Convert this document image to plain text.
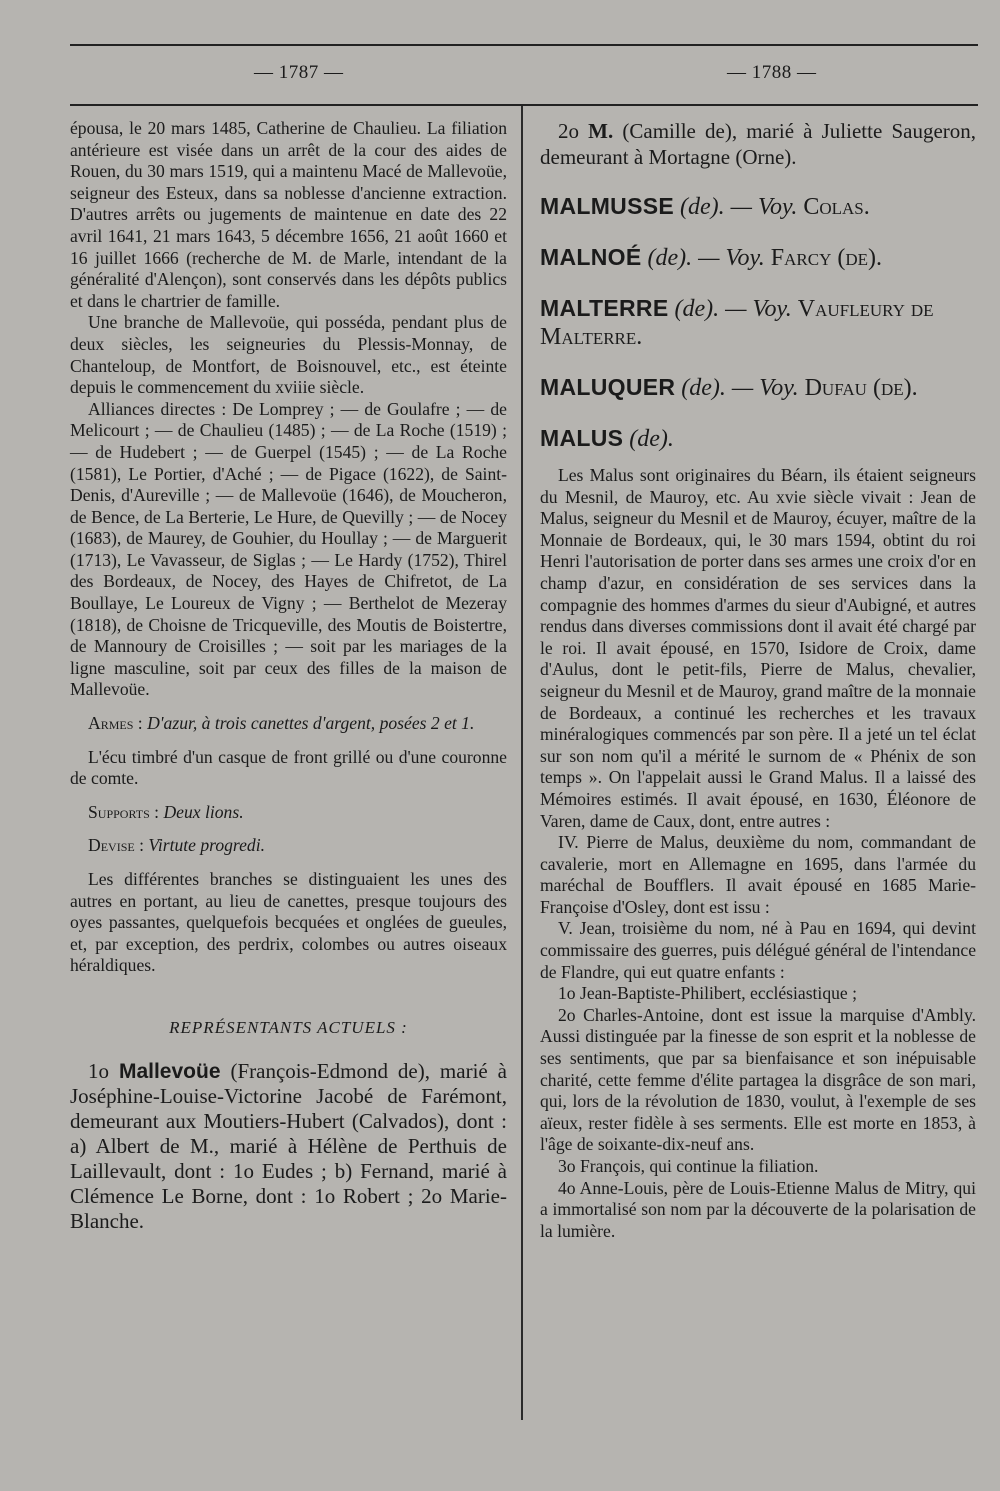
— 1787 —	— 1788 —

épousa, le 20 mars 1485, Catherine de Chaulieu. La filiation antérieure est visée dans un arrêt de la cour des aides de Rouen, du 30 mars 1519, qui a maintenu Macé de Mallevoüe, seigneur des Esteux, dans sa noblesse d'ancienne extraction. D'autres arrêts ou jugements de maintenue en date des 22 avril 1641, 21 mars 1643, 5 décembre 1656, 21 août 1660 et 16 juillet 1666 (recherche de M. de Marle, intendant de la généralité d'Alençon), sont conservés dans les dépôts publics et dans le chartrier de famille.

Une branche de Mallevoüe, qui posséda, pendant plus de deux siècles, les seigneuries du Plessis-Monnay, de Chanteloup, de Montfort, de Boisnouvel, etc., est éteinte depuis le commencement du xviiie siècle.

Alliances directes : De Lomprey ; — de Goulafre ; — de Melicourt ; — de Chaulieu (1485) ; — de La Roche (1519) ; — de Hudebert ; — de Guerpel (1545) ; — de La Roche (1581), Le Portier, d'Aché ; — de Pigace (1622), de Saint-Denis, d'Aureville ; — de Mallevoüe (1646), de Moucheron, de Bence, de La Berterie, Le Hure, de Quevilly ; — de Nocey (1683), de Maurey, de Gouhier, du Houllay ; — de Marguerit (1713), Le Vavasseur, de Siglas ; — Le Hardy (1752), Thirel des Bordeaux, de Nocey, des Hayes de Chifretot, de La Boullaye, Le Loureux de Vigny ; — Berthelot de Mezeray (1818), de Choisne de Tricqueville, des Moutis de Boistertre, de Mannoury de Croisilles ; — soit par les mariages de la ligne masculine, soit par ceux des filles de la maison de Mallevoüe.

Armes : D'azur, à trois canettes d'argent, posées 2 et 1.

L'écu timbré d'un casque de front grillé ou d'une couronne de comte.

Supports : Deux lions.

Devise : Virtute progredi.

Les différentes branches se distinguaient les unes des autres en portant, au lieu de canettes, presque toujours des oyes passantes, quelquefois becquées et onglées de gueules, et, par exception, des perdrix, colombes ou autres oiseaux héraldiques.

REPRÉSENTANTS ACTUELS :

1o Mallevoüe (François-Edmond de), marié à Joséphine-Louise-Victorine Jacobé de Farémont, demeurant aux Moutiers-Hubert (Calvados), dont : a) Albert de M., marié à Hélène de Perthuis de Laillevault, dont : 1o Eudes ; b) Fernand, marié à Clémence Le Borne, dont : 1o Robert ; 2o Marie-Blanche.

2o M. (Camille de), marié à Juliette Saugeron, demeurant à Mortagne (Orne).

MALMUSSE (de). — Voy. Colas.

MALNOÉ (de). — Voy. Farcy (de).

MALTERRE (de). — Voy. Vaufleury de Malterre.

MALUQUER (de). — Voy. Dufau (de).

MALUS (de).

Les Malus sont originaires du Béarn, ils étaient seigneurs du Mesnil, de Mauroy, etc. Au xvie siècle vivait : Jean de Malus, seigneur du Mesnil et de Mauroy, écuyer, maître de la Monnaie de Bordeaux, qui, le 30 mars 1594, obtint du roi Henri l'autorisation de porter dans ses armes une croix d'or en champ d'azur, en considération de ses services dans la compagnie des hommes d'armes du sieur d'Aubigné, et autres rendus dans diverses commissions dont il avait été chargé par le roi. Il avait épousé, en 1570, Isidore de Croix, dame d'Aulus, dont le petit-fils, Pierre de Malus, chevalier, seigneur du Mesnil et de Mauroy, grand maître de la monnaie de Bordeaux, a continué les recherches et les travaux minéralogiques commencés par son père. Il a jeté un tel éclat sur son nom qu'il a mérité le surnom de « Phénix de son temps ». On l'appelait aussi le Grand Malus. Il a laissé des Mémoires estimés. Il avait épousé, en 1630, Éléonore de Varen, dame de Caux, dont, entre autres :

IV. Pierre de Malus, deuxième du nom, commandant de cavalerie, mort en Allemagne en 1695, dans l'armée du maréchal de Boufflers. Il avait épousé en 1685 Marie-Françoise d'Osley, dont est issu :

V. Jean, troisième du nom, né à Pau en 1694, qui devint commissaire des guerres, puis délégué général de l'intendance de Flandre, qui eut quatre enfants :

1o Jean-Baptiste-Philibert, ecclésiastique ;

2o Charles-Antoine, dont est issue la marquise d'Ambly. Aussi distinguée par la finesse de son esprit et la noblesse de ses sentiments, que par sa bienfaisance et son inépuisable charité, cette femme d'élite partagea la disgrâce de son mari, qui, lors de la révolution de 1830, voulut, à l'exemple de ses aïeux, rester fidèle à ses serments. Elle est morte en 1853, à l'âge de soixante-dix-neuf ans.

3o François, qui continue la filiation.

4o Anne-Louis, père de Louis-Etienne Malus de Mitry, qui a immortalisé son nom par la découverte de la polarisation de la lumière.
